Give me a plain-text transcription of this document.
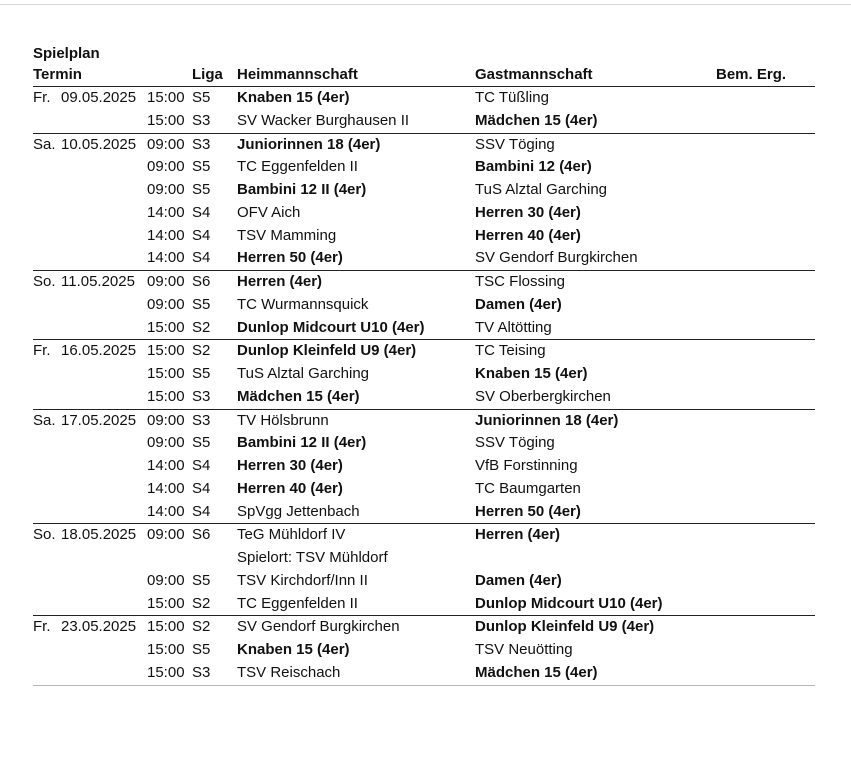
Spielplan
Termin	Liga Heimmannschaft	Gastmannschaft	Bem. Erg.
Fr. 09.05.2025 15:00 S5 Knaben 15 (4er)	TC Tüßling
15:00 S3 SV Wacker Burghausen II	Mädchen 15 (4er)
Sa. 10.05.2025 09:00 S3 Juniorinnen 18 (4er)	SSV Töging
09:00 S5 TC Eggenfelden II	Bambini 12 (4er)
09:00 S5 Bambini 12 II (4er)	TuS Alztal Garching
14:00 S4 OFV Aich	Herren 30 (4er)
14:00 S4 TSV Mamming	Herren 40 (4er)
14:00 S4 Herren 50 (4er)	SV Gendorf Burgkirchen
So. 11.05.2025 09:00 S6 Herren (4er)	TSC Flossing
09:00 S5 TC Wurmannsquick	Damen (4er)
15:00 S2 Dunlop Midcourt U10 (4er)	TV Altötting
Fr. 16.05.2025 15:00 S2 Dunlop Kleinfeld U9 (4er)	TC Teising
15:00 S5 TuS Alztal Garching	Knaben 15 (4er)
15:00 S3 Mädchen 15 (4er)	SV Oberbergkirchen
Sa. 17.05.2025 09:00 S3 TV Hölsbrunn	Juniorinnen 18 (4er)
09:00 S5 Bambini 12 II (4er)	SSV Töging
14:00 S4 Herren 30 (4er)	VfB Forstinning
14:00 S4 Herren 40 (4er)	TC Baumgarten
14:00 S4 SpVgg Jettenbach	Herren 50 (4er)
So. 18.05.2025 09:00 S6 TeG Mühldorf IV	Herren (4er)
Spielort: TSV Mühldorf
09:00 S5 TSV Kirchdorf/Inn II	Damen (4er)
15:00 S2 TC Eggenfelden II	Dunlop Midcourt U10 (4er)
Fr. 23.05.2025 15:00 S2 SV Gendorf Burgkirchen	Dunlop Kleinfeld U9 (4er)
15:00 S5 Knaben 15 (4er)	TSV Neuötting
15:00 S3 TSV Reischach	Mädchen 15 (4er)
